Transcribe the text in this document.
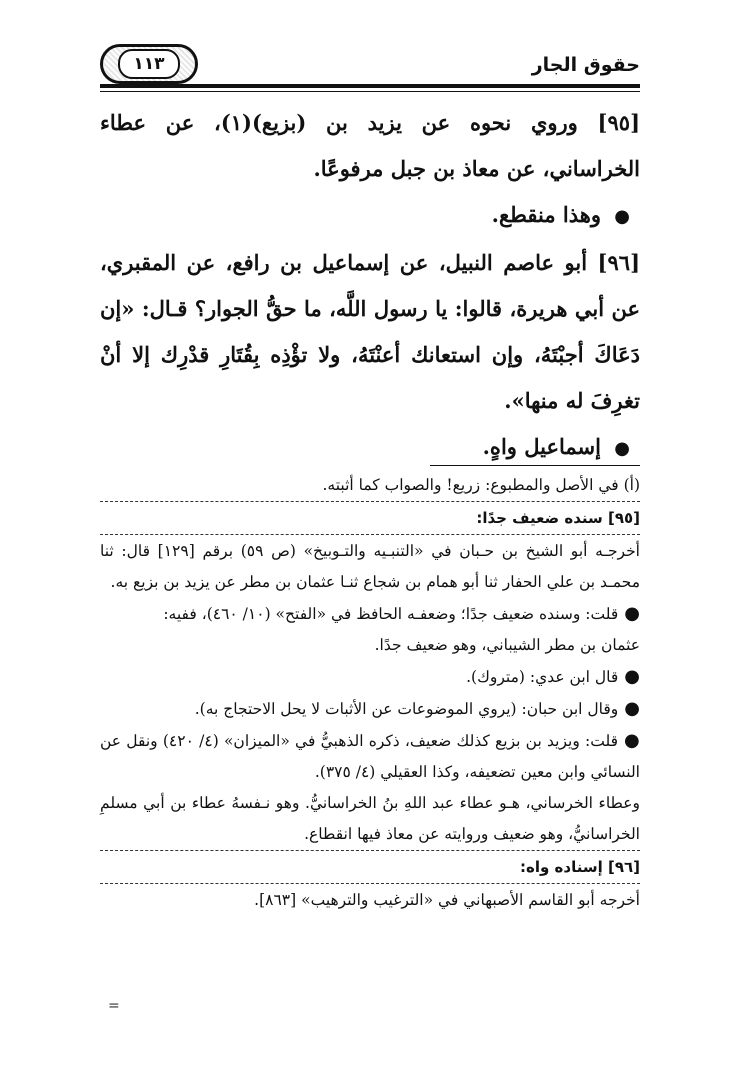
١١٣	حقوق الجار

[٩٥] وروي نحوه عن يزيد بن (بزيع)(١)، عن عطاء الخراساني، عن معاذ بن جبل مرفوعًا.

● وهذا منقطع.

[٩٦] أبو عاصم النبيل، عن إسماعيل بن رافع، عن المقبري، عن أبي هريرة، قالوا: يا رسول اللَّه، ما حقُّ الجوار؟ قـال: «إن دَعَاكَ أجبْتَهُ، وإن استعانك أعنْتَهُ، ولا تؤْذِه بِقُتَارِ قدْرِك إلا أنْ تغرِفَ له منها».

● إسماعيل واهٍ.

(أ) في الأصل والمطبوع: زريع! والصواب كما أثبته.

[٩٥] سنده ضعيف جدًا:

أخرجـه أبو الشيخ بن حـبان في «التنبـيه والتـوبيخ» (ص ٥٩) برقم [١٢٩] قال: ثنا محمـد بن علي الحفار ثنا أبو همام بن شجاع ثنـا عثمان بن مطر عن يزيد بن بزيع به.

●قلت: وسنده ضعيف جدًا؛ وضعفـه الحافظ في «الفتح» (١٠/ ٤٦٠)، ففيه:

عثمان بن مطر الشيباني، وهو ضعيف جدًا.

●قال ابن عدي: (متروك).

●وقال ابن حبان: (يروي الموضوعات عن الأثبات لا يحل الاحتجاج به).

●قلت: ويزيد بن بزيع كذلك ضعيف، ذكره الذهبيُّ في «الميزان» (٤/ ٤٢٠) ونقل عن النسائي وابن معين تضعيفه، وكذا العقيلي (٤/ ٣٧٥).

وعطاء الخرساني، هـو عطاء عبد اللهِ بنُ الخراسانيُّ. وهو نـفسهُ عطاء بن أبي مسلمِ الخراسانيُّ، وهو ضعيف وروايته عن معاذ فيها انقطاع.

[٩٦] إسناده واه:

أخرجه أبو القاسم الأصبهاني في «الترغيب والترهيب» [٨٦٣].

=
